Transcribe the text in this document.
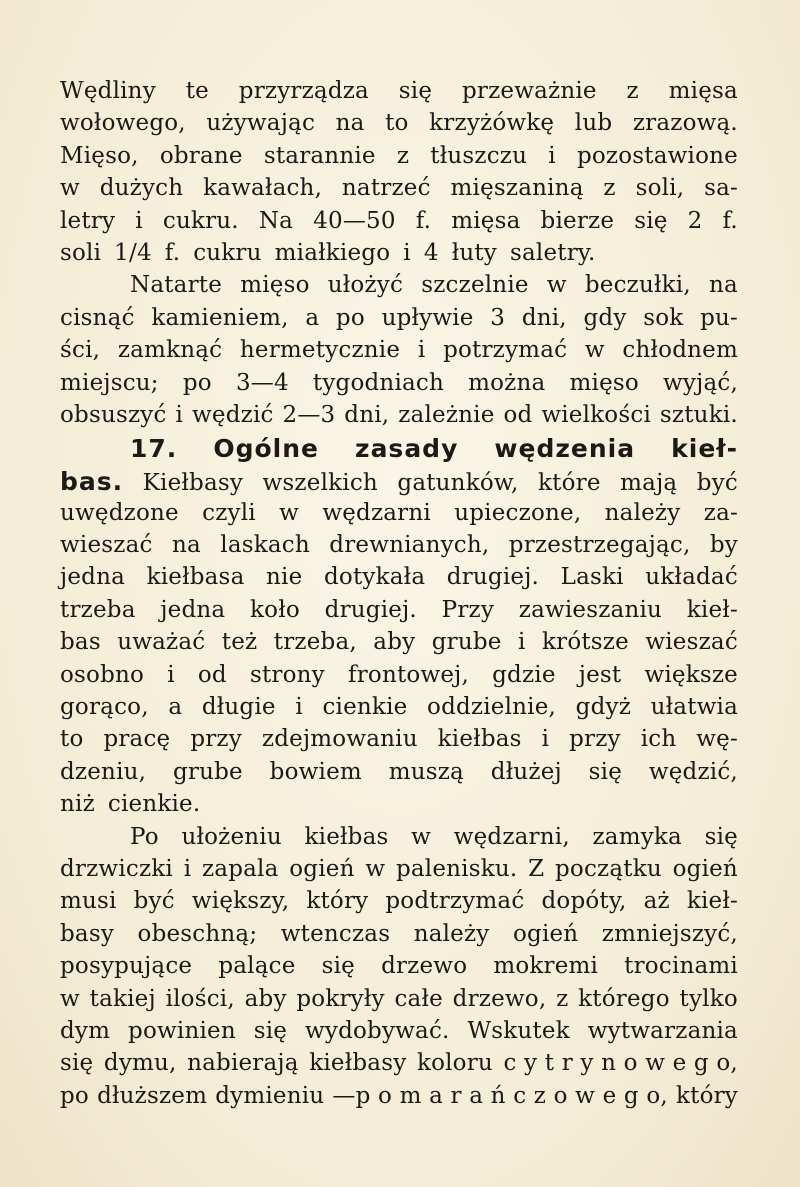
Wędliny te przyrządza się przeważnie z mięsa
wołowego, używając na to krzyżówkę lub zrazową.
Mięso, obrane starannie z tłuszczu i pozostawione
w dużych kawałach, natrzeć mięszaniną z soli, sa-
letry i cukru. Na 40—50 f. mięsa bierze się 2 f.
soli 1/4 f. cukru miałkiego i 4 łuty saletry.
Natarte mięso ułożyć szczelnie w beczułki, na
cisnąć kamieniem, a po upływie 3 dni, gdy sok pu-
ści, zamknąć hermetycznie i potrzymać w chłodnem
miejscu; po 3—4 tygodniach można mięso wyjąć,
obsuszyć i wędzić 2—3 dni, zależnie od wielkości sztuki.
17. Ogólne zasady wędzenia kieł-
bas. Kiełbasy wszelkich gatunków, które mają być
uwędzone czyli w wędzarni upieczone, należy za-
wieszać na laskach drewnianych, przestrzegając, by
jedna kiełbasa nie dotykała drugiej. Laski układać
trzeba jedna koło drugiej. Przy zawieszaniu kieł-
bas uważać też trzeba, aby grube i krótsze wieszać
osobno i od strony frontowej, gdzie jest większe
gorąco, a długie i cienkie oddzielnie, gdyż ułatwia
to pracę przy zdejmowaniu kiełbas i przy ich wę-
dzeniu, grube bowiem muszą dłużej się wędzić,
niż cienkie.
Po ułożeniu kiełbas w wędzarni, zamyka się
drzwiczki i zapala ogień w palenisku. Z początku ogień
musi być większy, który podtrzymać dopóty, aż kieł-
basy obeschną; wtenczas należy ogień zmniejszyć,
posypujące palące się drzewo mokremi trocinami
w takiej ilości, aby pokryły całe drzewo, z którego tylko
dym powinien się wydobywać. Wskutek wytwarzania
się dymu, nabierają kiełbasy koloru c y t r y n o w e g o,
po dłuższem dymieniu —p o m a r a ń c z o w e g o, który
